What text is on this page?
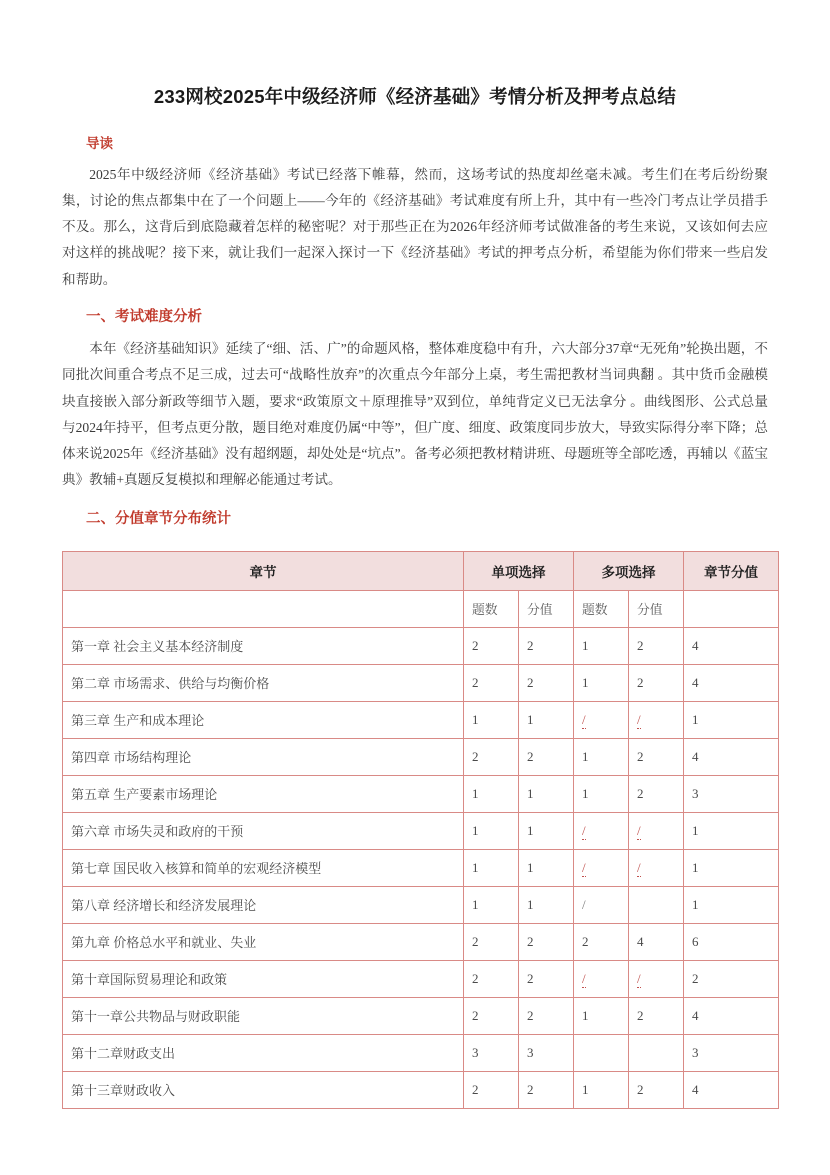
233网校2025年中级经济师《经济基础》考情分析及押考点总结
导读

2025年中级经济师《经济基础》考试已经落下帷幕，然而，这场考试的热度却丝毫未减。考生们在考后纷纷聚集，讨论的焦点都集中在了一个问题上——今年的《经济基础》考试难度有所上升，其中有一些冷门考点让学员措手不及。那么，这背后到底隐藏着怎样的秘密呢？对于那些正在为2026年经济师考试做准备的考生来说，又该如何去应对这样的挑战呢？接下来，就让我们一起深入探讨一下《经济基础》考试的押考点分析，希望能为你们带来一些启发和帮助。

一、考试难度分析

本年《经济基础知识》延续了“细、活、广”的命题风格，整体难度稳中有升，六大部分37章“无死角”轮换出题，不同批次间重合考点不足三成，过去可“战略性放弃”的次重点今年部分上桌，考生需把教材当词典翻 。其中货币金融模块直接嵌入部分新政等细节入题，要求“政策原文＋原理推导”双到位，单纯背定义已无法拿分 。曲线图形、公式总量与2024年持平，但考点更分散，题目绝对难度仍属“中等”，但广度、细度、政策度同步放大，导致实际得分率下降；总体来说2025年《经济基础》没有超纲题，却处处是“坑点”。备考必须把教材精讲班、母题班等全部吃透，再辅以《蓝宝典》教辅+真题反复模拟和理解必能通过考试。

二、分值章节分布统计
章节	单项选择		多项选择		章节分值
	题数	分值	题数	分值	
第一章 社会主义基本经济制度	2	2	1	2	4
第二章 市场需求、供给与均衡价格	2	2	1	2	4
第三章 生产和成本理论	1	1	/	/	1
第四章 市场结构理论	2	2	1	2	4
第五章 生产要素市场理论	1	1	1	2	3
第六章 市场失灵和政府的干预	1	1	/	/	1
第七章 国民收入核算和简单的宏观经济模型	1	1	/	/	1
第八章 经济增长和经济发展理论	1	1	/		1
第九章 价格总水平和就业、失业	2	2	2	4	6
第十章国际贸易理论和政策	2	2	/	/	2
第十一章公共物品与财政职能	2	2	1	2	4
第十二章财政支出	3	3			3
第十三章财政收入	2	2	1	2	4
